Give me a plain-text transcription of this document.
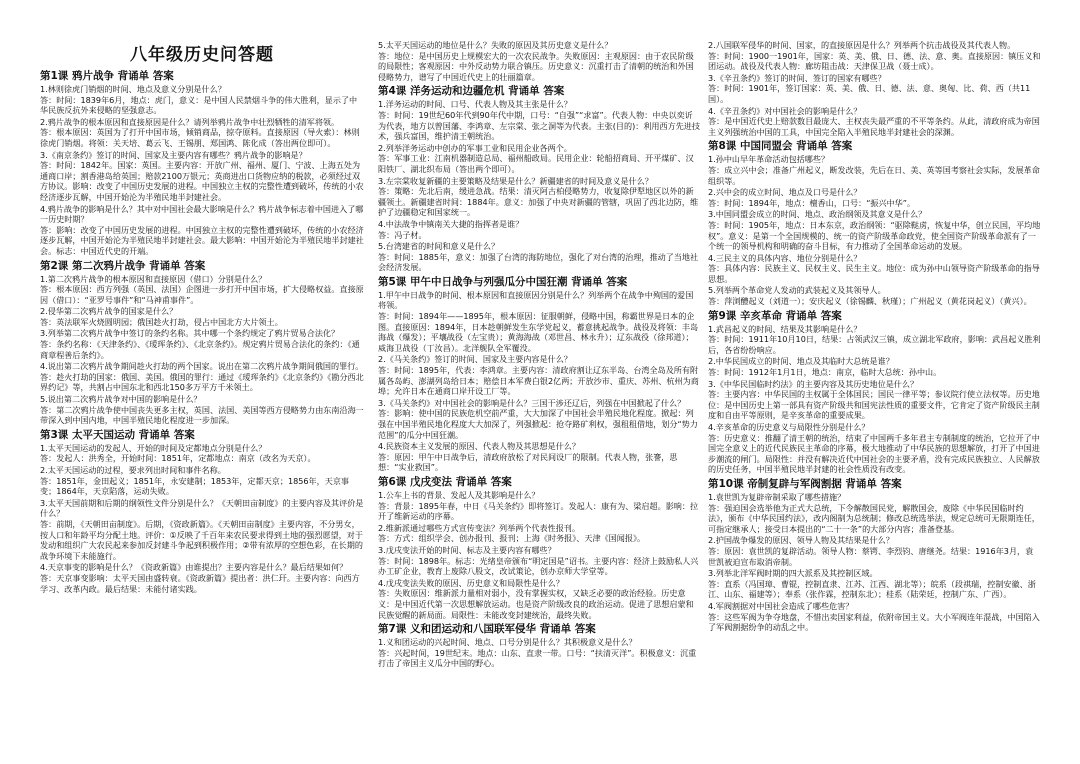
八年级历史问答题
第1课 鸦片战争 背诵单 答案

1.林则徐虎门销烟的时间、地点及意义分别是什么？

答：时间：1839年6月，地点：虎门，意义：是中国人民禁烟斗争的伟大胜利，显示了中华民族反抗外来侵略的坚强意志。

2.鸦片战争的根本原因和直接原因是什么？请列举鸦片战争中壮烈牺牲的清军将领。

答：根本原因：英国为了打开中国市场，倾销商品，掠夺原料。直接原因（导火索）：林则徐虎门销烟。将领：关天培、葛云飞、王锡朋、郑国鸿、陈化成（答出两位即可）。

3.《南京条约》签订的时间、国家及主要内容有哪些？鸦片战争的影响是？

答：时间：1842年。国家：英国。主要内容：开放广州、福州、厦门、宁波、上海五处为通商口岸；割香港岛给英国；赔款2100万银元；英商进出口货物应纳的税款，必须经过双方协议。影响：改变了中国历史发展的进程。中国独立主权的完整性遭到破坏，传统的小农经济逐步瓦解，中国开始沦为半殖民地半封建社会。

4.鸦片战争的影响是什么？其中对中国社会最大影响是什么？鸦片战争标志着中国进入了哪一历史时期？

答：影响：改变了中国历史发展的进程。中国独立主权的完整性遭到破坏，传统的小农经济逐步瓦解，中国开始沦为半殖民地半封建社会。最大影响：中国开始沦为半殖民地半封建社会。标志：中国近代史的开端。

第2课 第二次鸦片战争 背诵单 答案

1.第二次鸦片战争的根本原因和直接原因（借口）分别是什么？

答：根本原因：西方列强（英国、法国）企图进一步打开中国市场，扩大侵略权益。直接原因（借口）：“亚罗号事件”和“马神甫事件”。

2.侵华第二次鸦片战争的国家是什么？

答：英法联军火烧圆明园；俄国趁火打劫，侵占中国北方大片领土。

3.列举第二次鸦片战争中签订的条约名称。其中哪一个条约规定了鸦片贸易合法化？

答：条约名称：《天津条约》、《瑷珲条约》、《北京条约》。规定鸦片贸易合法化的条约：《通商章程善后条约》。

4.说出第二次鸦片战争期间趁火打劫的两个国家。说出在第二次鸦片战争期间俄国的罪行。

答：趁火打劫的国家：俄国、美国。俄国的罪行：通过《瑷珲条约》《北京条约》《勘分西北界约记》等，共割占中国东北和西北150多万平方千米领土。

5.说出第二次鸦片战争对中国的影响是什么？

答：第二次鸦片战争使中国丧失更多主权，英国、法国、美国等西方侵略势力由东南沿海一带深入到中国内地，中国半殖民地化程度进一步加深。

第3课 太平天国运动 背诵单 答案

1.太平天国运动的发起人、开始的时间及定都地点分别是什么？

答：发起人：洪秀全，开始时间：1851年，定都地点：南京（改名为天京）。

2.太平天国运动的过程，要求列出时间和事件名称。

答：1851年，金田起义；1851年，永安建制；1853年，定都天京；1856年，天京事变；1864年，天京陷落，运动失败。

3.太平天国前期和后期的纲领性文件分别是什么？《天朝田亩制度》的主要内容及其评价是什么？

答：前期，《天朝田亩制度》。后期，《资政新篇》。《天朝田亩制度》主要内容，不分男女，按人口和年龄平均分配土地。评价：①反映了千百年来农民要求得到土地的强烈愿望，对于发动和组织广大农民起来参加反封建斗争起到积极作用；②带有浓厚的空想色彩，在长期的战争环境下未能施行。

4.天京事变的影响是什么？《资政新篇》由谁提出？主要内容是什么？最后结果如何？

答：天京事变影响：太平天国由盛转衰。《资政新篇》提出者：洪仁玕。主要内容：向西方学习、改革内政。最后结果：未能付诸实践。

5.太平天国运动的地位是什么？失败的原因及其历史意义是什么？

答：地位：是中国历史上规模宏大的一次农民战争。失败原因：主观原因：由于农民阶级的局限性；客观原因：中外反动势力联合镇压。历史意义：沉重打击了清朝的统治和外国侵略势力，谱写了中国近代史上的壮丽篇章。

第4课 洋务运动和边疆危机 背诵单 答案

1.洋务运动的时间、口号、代表人物及其主张是什么？

答：时间：19世纪60年代到90年代中期，口号：“自强”“求富”。代表人物：中央以奕䜣为代表，地方以曾国藩、李鸿章、左宗棠、张之洞等为代表。主张(目的)：利用西方先进技术，强兵富国，维护清王朝统治。

2.列举洋务运动中创办的军事工业和民用企业各两个。

答：军事工业：江南机器制造总局、福州船政局。民用企业：轮船招商局、开平煤矿、汉阳铁厂、湖北织布局（答出两个即可）。

3.左宗棠收复新疆的主要策略及结果是什么？新疆建省的时间及意义是什么？

答：策略：先北后南，缓进急战。结果：清灭阿古柏侵略势力，收复除伊犁地区以外的新疆领土。新疆建省时间：1884年。意义：加强了中央对新疆的管辖，巩固了西北边防，维护了边疆稳定和国家统一。

4.中法战争中镇南关大捷的指挥者是谁？

答：冯子材。

5.台湾建省的时间和意义是什么？

答：时间：1885年，意义：加强了台湾的海防地位，强化了对台湾的治理，推动了当地社会经济发展。

第5课 甲午中日战争与列强瓜分中国狂潮 背诵单 答案

1.甲午中日战争的时间、根本原因和直接原因分别是什么？列举两个在战争中殉国的爱国将领。

答：时间：1894年——1895年，根本原因：征服朝鲜，侵略中国，称霸世界是日本的企图。直接原因：1894年，日本趁朝鲜发生东学党起义，蓄意挑起战争。战役及将领：丰岛海战（爆发）；平壤战役（左宝贵）；黄海海战（邓世昌、林永升）；辽东战役（徐邦道）；威海卫战役（丁汝昌）。北洋舰队全军覆没。

2.《马关条约》签订的时间、国家及主要内容是什么？

答：时间：1895年，代表：李鸿章。主要内容：清政府割让辽东半岛、台湾全岛及所有附属各岛屿、澎湖列岛给日本；赔偿日本军费白银2亿两；开放沙市、重庆、苏州、杭州为商埠；允许日本在通商口岸开设工厂等。

3.《马关条约》对中国社会的影响是什么？三国干涉还辽后，列强在中国掀起了什么？

答：影响：使中国的民族危机空前严重，大大加深了中国社会半殖民地化程度。掀起：列强在中国半殖民地化程度大大加深了，列强掀起：抢夺路矿利权，强租租借地，划分“势力范围”的瓜分中国狂潮。

4.民族资本主义发展的原因、代表人物及其思想是什么？

答：原因：甲午中日战争后，清政府放松了对民间设厂的限制。代表人物，张謇，思想：“实业救国”。

第6课 戊戌变法 背诵单 答案

1.公车上书的背景、发起人及其影响是什么？

答：背景：1895年春，中日《马关条约》即将签订。发起人：康有为、梁启超。影响：拉开了维新运动的序幕。

2.维新派通过哪些方式宣传变法？列举两个代表性报刊。

答：方式：组织学会、创办报刊、报刊；上海《时务报》、天津《国闻报》。

3.戊戌变法开始的时间、标志及主要内容有哪些？

答：时间：1898年。标志：光绪皇帝颁布“明定国是”诏书。主要内容：经济上鼓励私人兴办工矿企业，教育上废除八股文，改试策论，创办京师大学堂等。

4.戊戌变法失败的原因、历史意义和局限性是什么？

答：失败原因：维新派力量相对弱小，没有掌握实权，又缺乏必要的政治经验。历史意义：是中国近代第一次思想解放运动。也是资产阶级改良的政治运动。促进了思想启蒙和民族觉醒的新局面。局限性：未能改变封建统治，最终失败。

第7课 义和团运动和八国联军侵华 背诵单 答案

1.义和团运动的兴起时间、地点、口号分别是什么？其积极意义是什么？

答：兴起时间，19世纪末。地点：山东、直隶一带。口号：“扶清灭洋”。积极意义：沉重打击了帝国主义瓜分中国的野心。

2.八国联军侵华的时间、国家，的直接原因是什么？列举两个抗击战役及其代表人物。

答：时间：1900一1901年，国家：英、美、俄、日、德、法、意、奥。直接原因：镇压义和团运动。战役及代表人物：廊坊阻击战：天津保卫战（聂士成）。

3.《辛丑条约》签订的时间、签订的国家有哪些？

答：时间：1901年，签订国家：英、美、俄、日、德、法、意、奥匈、比、荷、西（共11国）。

4.《辛丑条约》对中国社会的影响是什么？

答：是中国近代史上赔款数目最庞大、主权丧失最严重的不平等条约。从此，清政府成为帝国主义列强统治中国的工具，中国完全陷入半殖民地半封建社会的深渊。

第8课 中国同盟会 背诵单 答案

1.孙中山早年革命活动包括哪些？

答：成立兴中会；准备广州起义，断发改装，先后在日、美、英等国考察社会实际，发展革命组织等。

2.兴中会的成立时间、地点及口号是什么？

答：时间：1894年，地点：檀香山，口号：“振兴中华”。

3.中国同盟会成立的时间、地点、政治纲领及其意义是什么？

答：时间：1905年，地点：日本东京，政治纲领：“驱除鞑虏，恢复中华，创立民国，平均地权”。意义：是第一个全国规模的、统一的资产阶级革命政党，使全国资产阶级革命派有了一个统一的领导机构和明确的奋斗目标，有力推动了全国革命运动的发展。

4.三民主义的具体内容、地位分别是什么？

答：具体内容：民族主义、民权主义、民生主义。地位：成为孙中山领导资产阶级革命的指导思想。

5.列举两个革命党人发动的武装起义及其领导人。

答：萍浏醴起义（刘道一）；安庆起义（徐锡麟、秋瑾）；广州起义（黄花岗起义）（黄兴）。

第9课 辛亥革命 背诵单 答案

1.武昌起义的时间、结果及其影响是什么？

答：时间：1911年10月10日，结果：占领武汉三镇，成立湖北军政府，影响：武昌起义胜利后，各省纷纷响应。

2.中华民国成立的时间、地点及其临时大总统是谁？

答：时间：1912年1月1日，地点：南京，临时大总统：孙中山。

3.《中华民国临时约法》的主要内容及其历史地位是什么？

答：主要内容：中华民国的主权属于全体国民；国民一律平等；参议院行使立法权等。历史地位：是中国历史上第一部具有资产阶级共和国宪法性质的重要文件，它肯定了资产阶级民主制度和自由平等原则，是辛亥革命的重要成果。

4.辛亥革命的历史意义与局限性分别是什么？

答：历史意义：推翻了清王朝的统治，结束了中国两千多年君主专制制度的统治，它拉开了中国完全意义上的近代民族民主革命的序幕，极大地推动了中华民族的思想解放，打开了中国进步潮流的闸门。局限性：并没有解决近代中国社会的主要矛盾，没有完成民族独立、人民解放的历史任务，中国半殖民地半封建的社会性质没有改变。

第10课 帝制复辟与军阀割据 背诵单 答案

1.袁世凯为复辟帝制采取了哪些措施？

答：强迫国会选举他为正式大总统，下令解散国民党，解散国会，废除《中华民国临时约法》，颁布《中华民国约法》，改内阁制为总统制；修改总统选举法，规定总统可无限期连任，可指定继承人；接受日本提出的“二十一条”的大部分内容；准备登基。

2.护国战争爆发的原因、领导人物及其结果是什么？

答：原因：袁世凯的复辟活动。领导人物：蔡锷、李烈钧、唐继尧。结果：1916年3月，袁世凯被迫宣布取消帝制。

3.列举北洋军阀时期的四大派系及其控制区域。

答：直系（冯国璋、曹锟，控制直隶、江苏、江西、湖北等）；皖系（段祺瑞，控制安徽、浙江、山东、福建等）；奉系（张作霖，控制东北）；桂系（陆荣廷，控制广东、广西）。

4.军阀割据对中国社会造成了哪些危害？

答：这些军阀为争夺地盘，不惜出卖国家利益，依附帝国主义。大小军阀连年混战，中国陷入了军阀割据纷争的动乱之中。
